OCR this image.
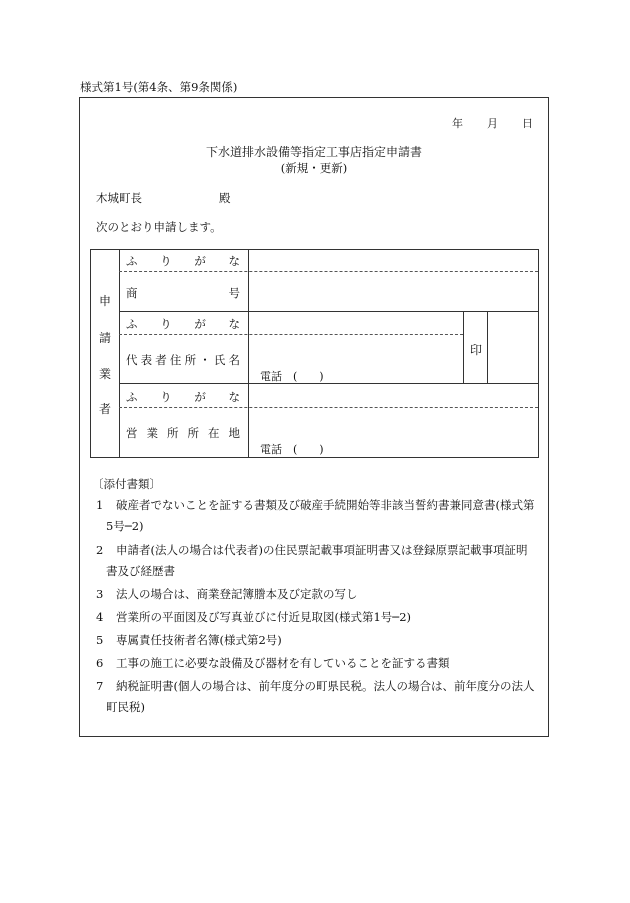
様式第1号(第4条、第9条関係)
年 月 日
下水道排水設備等指定工事店指定申請書
(新規・更新)
木城町長	殿
次のとおり申請します。
申
請
業
者
印
電話　(　　)
電話　(　　)
ふ り が な
商	号
ふ り が な
代 表 者 住 所 ・ 氏 名
ふ り が な
営 業 所 所 在 地
〔添付書類〕
1 破産者でないことを証する書類及び破産手続開始等非該当誓約書兼同意書(様式第
5号─2)
2 申請者(法人の場合は代表者)の住民票記載事項証明書又は登録原票記載事項証明
書及び経歴書
3 法人の場合は、商業登記簿謄本及び定款の写し
4 営業所の平面図及び写真並びに付近見取図(様式第1号─2)
5 専属責任技術者名簿(様式第2号)
6 工事の施工に必要な設備及び器材を有していることを証する書類
7 納税証明書(個人の場合は、前年度分の町県民税。法人の場合は、前年度分の法人
町民税)
